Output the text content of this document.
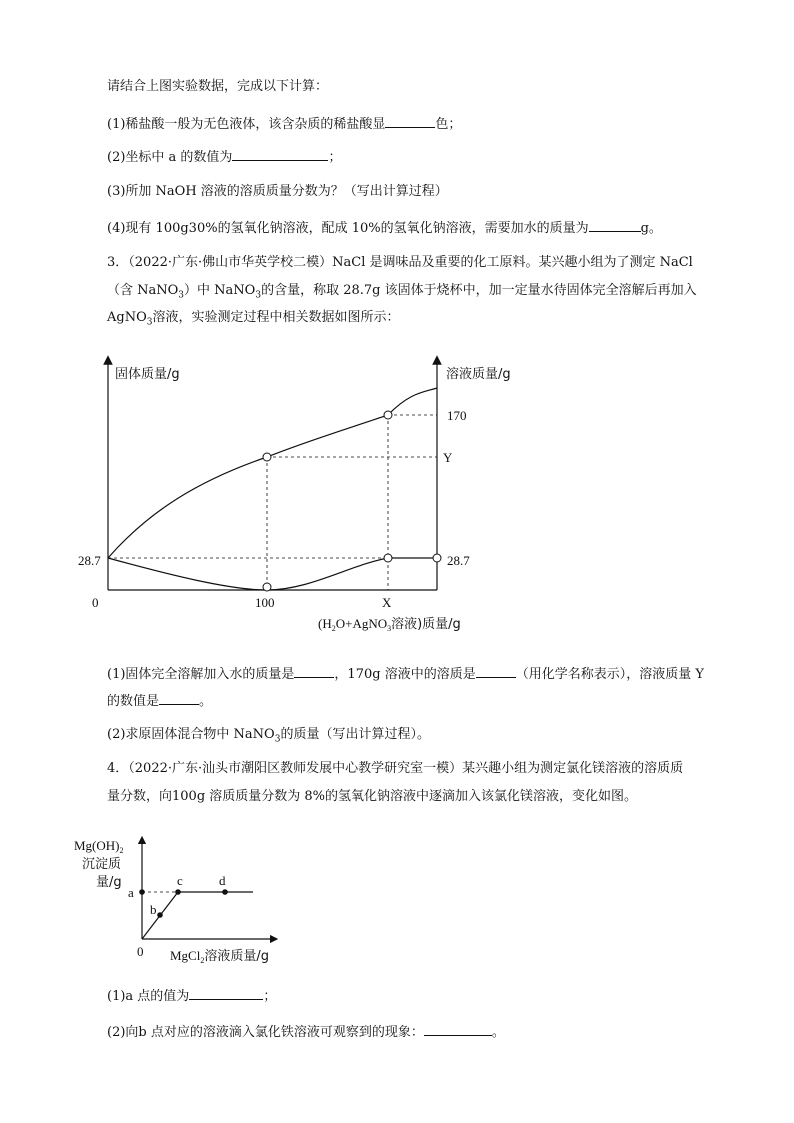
请结合上图实验数据，完成以下计算：
(1)稀盐酸一般为无色液体，该含杂质的稀盐酸显	色；
(2)坐标中 a 的数值为	；
(3)所加 NaOH 溶液的溶质质量分数为？（写出计算过程）
(4)现有 100g30%的氢氧化钠溶液，配成 10%的氢氧化钠溶液，需要加水的质量为	g。
3．（2022·广东·佛山市华英学校二模）NaCl 是调味品及重要的化工原料。某兴趣小组为了测定 NaCl
（含 NaNO$_3$）中 NaNO$_3$的含量，称取 28.7g 该固体于烧杯中，加一定量水待固体完全溶解后再加入
AgNO$_3$溶液，实验测定过程中相关数据如图所示：
固体质量/g	溶液质量/g
28.7
170
Y
28.7
0	100	X
($H_2O+AgNO_3$溶液)质量/g
(1)固体完全溶解加入水的质量是	，170g 溶液中的溶质是	（用化学名称表示），溶液质量 Y
的数值是	。
(2)求原固体混合物中 NaNO$_3$的质量（写出计算过程）。
4．（2022·广东·汕头市潮阳区教师发展中心教学研究室一模）某兴趣小组为测定氯化镁溶液的溶质质
量分数，向100g 溶质质量分数为 8%的氢氧化钠溶液中逐滴加入该氯化镁溶液，变化如图。
$Mg(OH)_2$
沉淀质
量/g
a
b
c	d
0 MgCl$_2$溶液质量/g
(1)a 点的值为	；
(2)向b 点对应的溶液滴入氯化铁溶液可观察到的现象：	。
